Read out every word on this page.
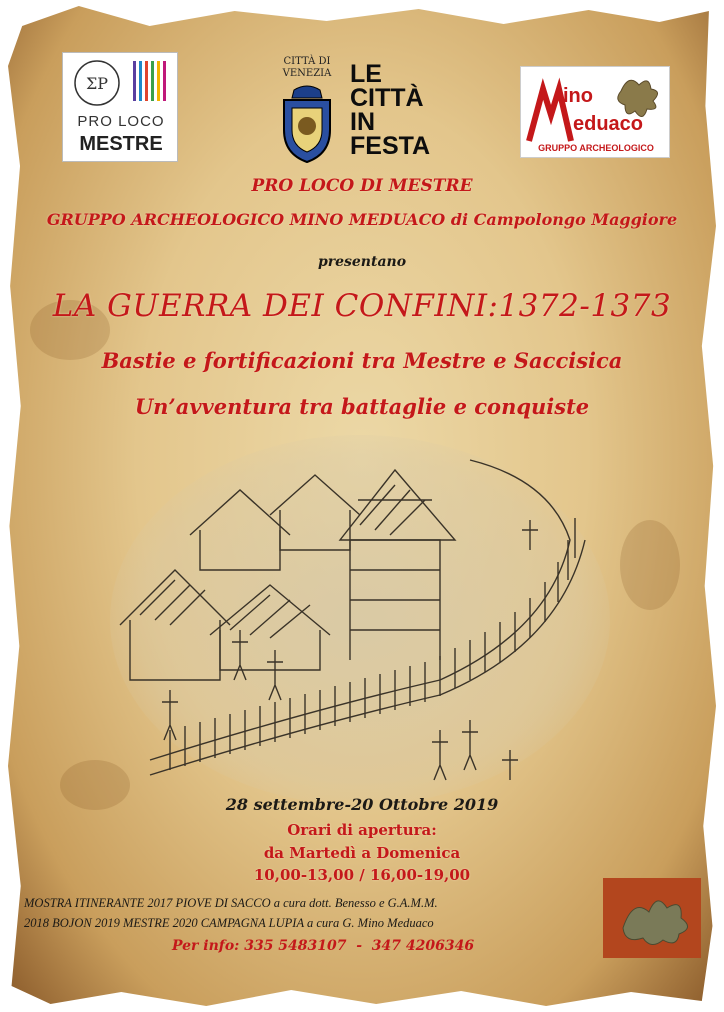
ΣP
PRO LOCO
MESTRE
CITTÀ DI
VENEZIA LE
CITTÀ
IN
FESTA
ino
eduaco
GRUPPO ARCHEOLOGICO
PRO LOCO DI MESTRE
GRUPPO ARCHEOLOGICO MINO MEDUACO di Campolongo Maggiore
presentano
LA GUERRA DEI CONFINI:1372-1373
Bastie e fortificazioni tra Mestre e Saccisica
Un’avventura tra battaglie e conquiste
28 settembre-20 Ottobre 2019
Orari di apertura:
da Martedì a Domenica
10,00-13,00 / 16,00-19,00
MOSTRA ITINERANTE 2017 PIOVE DI SACCO a cura dott. Benesso e G.A.M.M.
2018 BOJON 2019 MESTRE 2020 CAMPAGNA LUPIA a cura G. Mino Meduaco
Per info: 335 5483107  -  347 4206346
